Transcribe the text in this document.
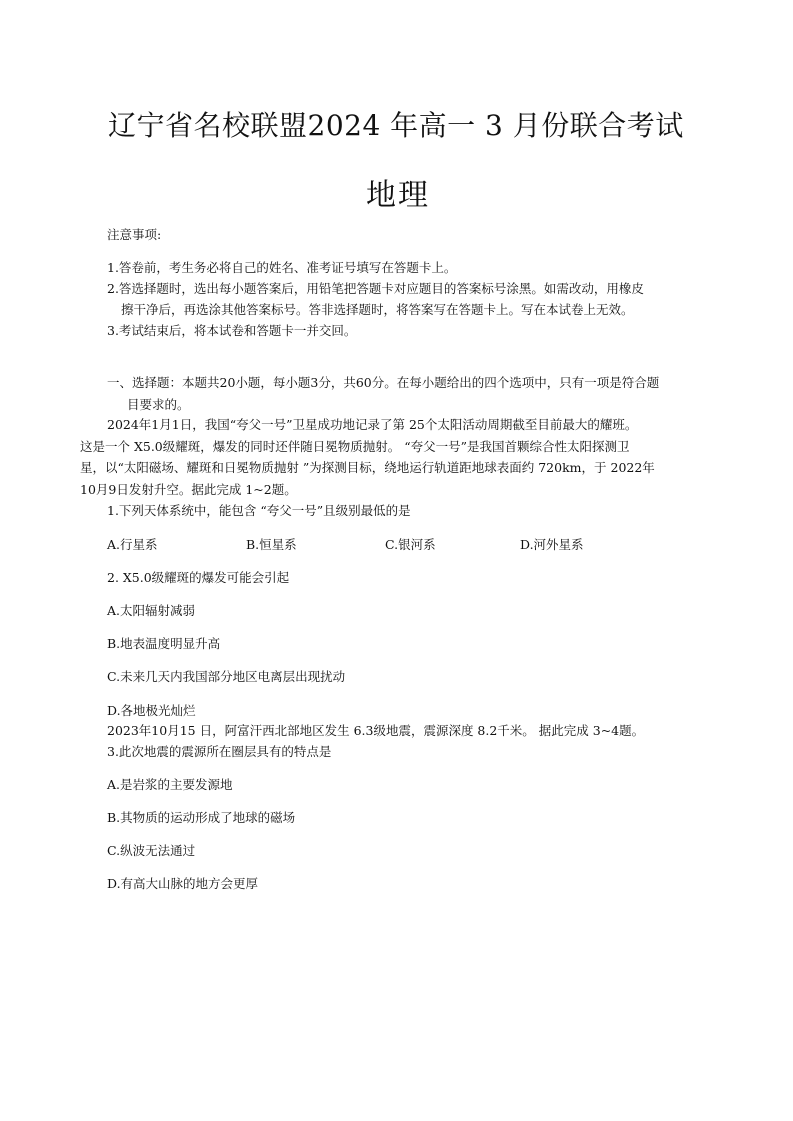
辽宁省名校联盟2024 年高一 3 月份联合考试
地理
注意事项:
1.答卷前，考生务必将自己的姓名、准考证号填写在答题卡上。
2.答选择题时，选出每小题答案后，用铅笔把答题卡对应题目的答案标号涂黑。如需改动，用橡皮
擦干净后，再选涂其他答案标号。答非选择题时，将答案写在答题卡上。写在本试卷上无效。
3.考试结束后，将本试卷和答题卡一并交回。
一、选择题：本题共20小题，每小题3分，共60分。在每小题给出的四个选项中，只有一项是符合题
目要求的。
2024年1月1日，我国“夸父一号”卫星成功地记录了第 25个太阳活动周期截至目前最大的耀班。
这是一个 X5.0级耀斑，爆发的同时还伴随日冕物质抛射。 “夸父一号”是我国首颗综合性太阳探测卫
星，以“太阳磁场、耀斑和日冕物质抛射 ”为探测目标，绕地运行轨道距地球表面约 720km，于 2022年
10月9日发射升空。据此完成 1~2题。
1.下列天体系统中，能包含 “夸父一号”且级别最低的是
A.行星系	B.恒星系	C.银河系	D.河外星系
2. X5.0级耀斑的爆发可能会引起
A.太阳辐射减弱
B.地表温度明显升高
C.未来几天内我国部分地区电离层出现扰动
D.各地极光灿烂
2023年10月15 日，阿富汗西北部地区发生 6.3级地震，震源深度 8.2千米。 据此完成 3~4题。
3.此次地震的震源所在圈层具有的特点是
A.是岩浆的主要发源地
B.其物质的运动形成了地球的磁场
C.纵波无法通过
D.有高大山脉的地方会更厚
